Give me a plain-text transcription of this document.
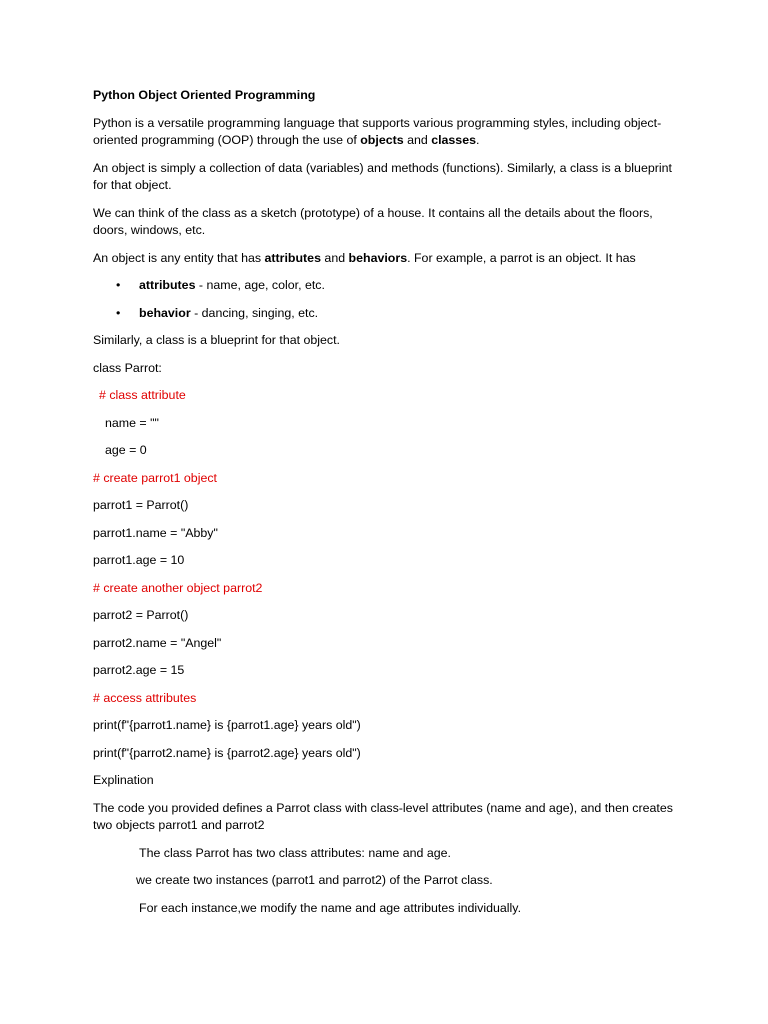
Python Object Oriented Programming

Python is a versatile programming language that supports various programming styles, including object-oriented programming (OOP) through the use of objects and classes.

An object is simply a collection of data (variables) and methods (functions). Similarly, a class is a blueprint for that object.

We can think of the class as a sketch (prototype) of a house. It contains all the details about the floors, doors, windows, etc.

An object is any entity that has attributes and behaviors. For example, a parrot is an object. It has

• attributes - name, age, color, etc.
• behavior - dancing, singing, etc.

Similarly, a class is a blueprint for that object.

class Parrot:

# class attribute

name = ""

age = 0

# create parrot1 object

parrot1 = Parrot()

parrot1.name = "Abby"

parrot1.age = 10

# create another object parrot2

parrot2 = Parrot()

parrot2.name = "Angel"

parrot2.age = 15

# access attributes

print(f"{parrot1.name} is {parrot1.age} years old")

print(f"{parrot2.name} is {parrot2.age} years old")

Explination

The code you provided defines a Parrot class with class-level attributes (name and age), and then creates two objects parrot1 and parrot2

The class Parrot has two class attributes: name and age.

we create two instances (parrot1 and parrot2) of the Parrot class.

For each instance,we modify the name and age attributes individually.
